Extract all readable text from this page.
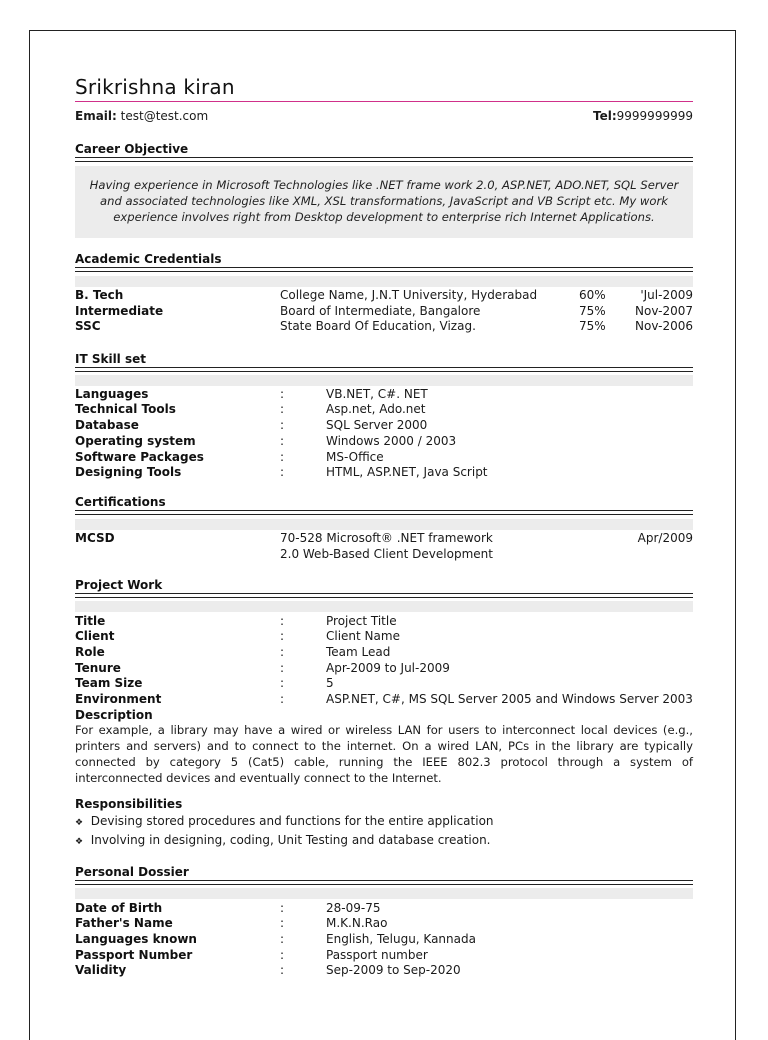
Srikrishna kiran
Email: test@test.com	Tel:9999999999
Career Objective
Having experience in Microsoft Technologies like .NET frame work 2.0, ASP.NET, ADO.NET, SQL Server and associated technologies like XML, XSL transformations, JavaScript and VB Script etc. My work experience involves right from Desktop development to enterprise rich Internet Applications.
Academic Credentials
B. Tech	College Name, J.N.T University, Hyderabad	60%	'Jul-2009
Intermediate	Board of Intermediate, Bangalore	75% Nov-2007
SSC	State Board Of Education, Vizag.	75% Nov-2006
IT Skill set
Languages	:	VB.NET, C#. NET
Technical Tools	:	Asp.net, Ado.net
Database	:	SQL Server 2000
Operating system	:	Windows 2000 / 2003
Software Packages	:	MS-Office
Designing Tools	:	HTML, ASP.NET, Java Script
Certifications
MCSD	70-528 Microsoft® .NET framework
2.0 Web-Based Client Development
Apr/2009
Project Work
Title	:	Project Title
Client	:	Client Name
Role	:	Team Lead
Tenure	:	Apr-2009 to Jul-2009
Team Size	:	5
Environment	:	ASP.NET, C#, MS SQL Server 2005 and Windows Server 2003
Description
For example, a library may have a wired or wireless LAN for users to interconnect local devices (e.g., printers and servers) and to connect to the internet. On a wired LAN, PCs in the library are typically connected by category 5 (Cat5) cable, running the IEEE 802.3 protocol through a system of interconnected devices and eventually connect to the Internet.
Responsibilities
❖ Devising stored procedures and functions for the entire application
❖ Involving in designing, coding, Unit Testing and database creation.
Personal Dossier
Date of Birth	:	28-09-75
Father's Name	:	M.K.N.Rao
Languages known	:	English, Telugu, Kannada
Passport Number	:	Passport number
Validity	:	Sep-2009 to Sep-2020
